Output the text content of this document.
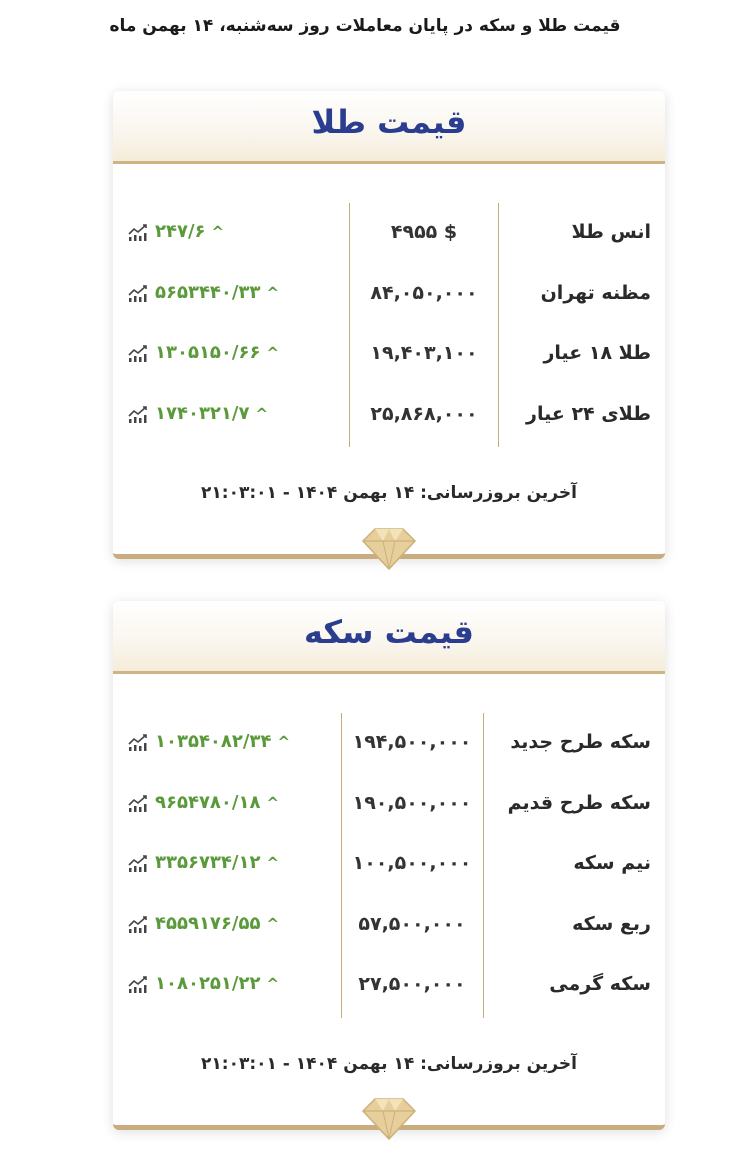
قیمت طلا و سکه در پایان معاملات روز سه‌شنبه، ۱۴ بهمن ماه
قیمت طلا
انس طلا
$ ۴۹۵۵
۲۴۷/۶ ^
مظنه تهران
۸۴,۰۵۰,۰۰۰
۵۶۵۳۴۴۰/۳۳ ^
طلا ۱۸ عیار
۱۹,۴۰۳,۱۰۰
۱۳۰۵۱۵۰/۶۶ ^
طلای ۲۴ عیار
۲۵,۸۶۸,۰۰۰
۱۷۴۰۳۲۱/۷ ^
آخرین بروزرسانی: ۱۴ بهمن ۱۴۰۴ - ۲۱:۰۳:۰۱
قیمت سکه
سکه طرح جدید
۱۹۴,۵۰۰,۰۰۰
۱۰۳۵۴۰۸۲/۳۴ ^
سکه طرح قدیم
۱۹۰,۵۰۰,۰۰۰
۹۶۵۴۷۸۰/۱۸ ^
نیم سکه
۱۰۰,۵۰۰,۰۰۰
۳۳۵۶۷۳۴/۱۲ ^
ربع سکه
۵۷,۵۰۰,۰۰۰
۴۵۵۹۱۷۶/۵۵ ^
سکه گرمی
۲۷,۵۰۰,۰۰۰
۱۰۸۰۲۵۱/۲۲ ^
آخرین بروزرسانی: ۱۴ بهمن ۱۴۰۴ - ۲۱:۰۳:۰۱
